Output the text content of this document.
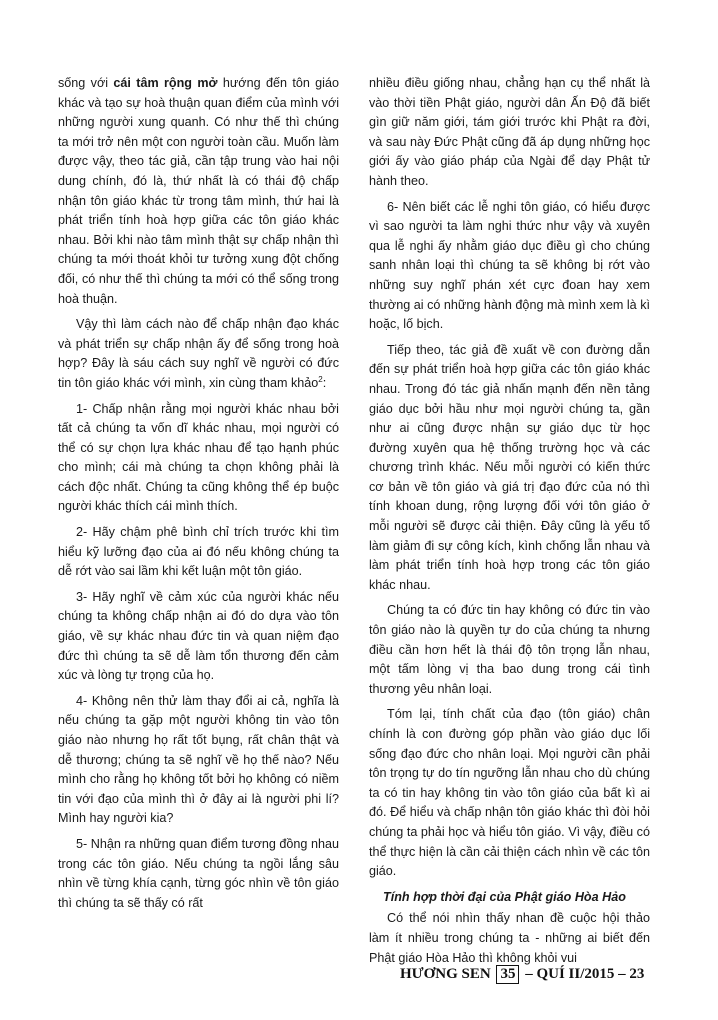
sống với cái tâm rộng mở hướng đến tôn giáo khác và tạo sự hoà thuận quan điểm của mình với những người xung quanh. Có như thế thì chúng ta mới trở nên một con người toàn cầu. Muốn làm được vậy, theo tác giả, cần tập trung vào hai nội dung chính, đó là, thứ nhất là có thái độ chấp nhận tôn giáo khác từ trong tâm mình, thứ hai là phát triển tính hoà hợp giữa các tôn giáo khác nhau. Bởi khi nào tâm mình thật sự chấp nhận thì chúng ta mới thoát khỏi tư tưởng xung đột chống đối, có như thế thì chúng ta mới có thể sống trong hoà thuận.

Vậy thì làm cách nào để chấp nhận đạo khác và phát triển sự chấp nhận ấy để sống trong hoà hợp? Đây là sáu cách suy nghĩ về người có đức tin tôn giáo khác với mình, xin cùng tham khảo$^2$:

1- Chấp nhận rằng mọi người khác nhau bởi tất cả chúng ta vốn dĩ khác nhau, mọi người có thể có sự chọn lựa khác nhau để tạo hạnh phúc cho mình; cái mà chúng ta chọn không phải là cách độc nhất. Chúng ta cũng không thể ép buộc người khác thích cái mình thích.

2- Hãy chậm phê bình chỉ trích trước khi tìm hiểu kỹ lưỡng đạo của ai đó nếu không chúng ta dễ rớt vào sai lầm khi kết luận một tôn giáo.

3- Hãy nghĩ về cảm xúc của người khác nếu chúng ta không chấp nhận ai đó do dựa vào tôn giáo, về sự khác nhau đức tin và quan niệm đạo đức thì chúng ta sẽ dễ làm tổn thương đến cảm xúc và lòng tự trọng của họ.

4- Không nên thử làm thay đổi ai cả, nghĩa là nếu chúng ta gặp một người không tin vào tôn giáo nào nhưng họ rất tốt bụng, rất chân thật và dễ thương; chúng ta sẽ nghĩ về họ thế nào? Nếu mình cho rằng họ không tốt bởi họ không có niềm tin với đạo của mình thì ở đây ai là người phi lí? Mình hay người kia?

5- Nhận ra những quan điểm tương đồng nhau trong các tôn giáo. Nếu chúng ta ngồi lắng sâu nhìn về từng khía cạnh, từng góc nhìn về tôn giáo thì chúng ta sẽ thấy có rất

nhiều điều giống nhau, chẳng hạn cụ thể nhất là vào thời tiền Phật giáo, người dân Ấn Độ đã biết gìn giữ năm giới, tám giới trước khi Phật ra đời, và sau này Đức Phật cũng đã áp dụng những học giới ấy vào giáo pháp của Ngài để dạy Phật tử hành theo.

6- Nên biết các lễ nghi tôn giáo, có hiểu được vì sao người ta làm nghi thức như vậy và xuyên qua lễ nghi ấy nhằm giáo dục điều gì cho chúng sanh nhân loại thì chúng ta sẽ không bị rớt vào những suy nghĩ phán xét cực đoan hay xem thường ai có những hành động mà mình xem là kì hoặc, lố bịch.

Tiếp theo, tác giả đề xuất về con đường dẫn đến sự phát triển hoà hợp giữa các tôn giáo khác nhau. Trong đó tác giả nhấn mạnh đến nền tảng giáo dục bởi hầu như mọi người chúng ta, gần như ai cũng được nhận sự giáo dục từ học đường xuyên qua hệ thống trường học và các chương trình khác. Nếu mỗi người có kiến thức cơ bản về tôn giáo và giá trị đạo đức của nó thì tính khoan dung, rộng lượng đối với tôn giáo ở mỗi người sẽ được cải thiện. Đây cũng là yếu tố làm giảm đi sự công kích, kình chống lẫn nhau và làm phát triển tính hoà hợp trong các tôn giáo khác nhau.

Chúng ta có đức tin hay không có đức tin vào tôn giáo nào là quyền tự do của chúng ta nhưng điều cần hơn hết là thái độ tôn trọng lẫn nhau, một tấm lòng vị tha bao dung trong cái tình thương yêu nhân loại.

Tóm lại, tính chất của đạo (tôn giáo) chân chính là con đường góp phần vào giáo dục lối sống đạo đức cho nhân loại. Mọi người cần phải tôn trọng tự do tín ngưỡng lẫn nhau cho dù chúng ta có tin hay không tin vào tôn giáo của bất kì ai đó. Để hiểu và chấp nhận tôn giáo khác thì đòi hỏi chúng ta phải học và hiểu tôn giáo. Vì vậy, điều có thể thực hiện là cần cải thiện cách nhìn về các tôn giáo.

Tính hợp thời đại của Phật giáo Hòa Hảo

Có thể nói nhìn thấy nhan đề cuộc hội thảo làm ít nhiều trong chúng ta - những ai biết đến Phật giáo Hòa Hảo thì không khỏi vui

HƯƠNG SEN 35 – QUÍ II/2015 – 23
